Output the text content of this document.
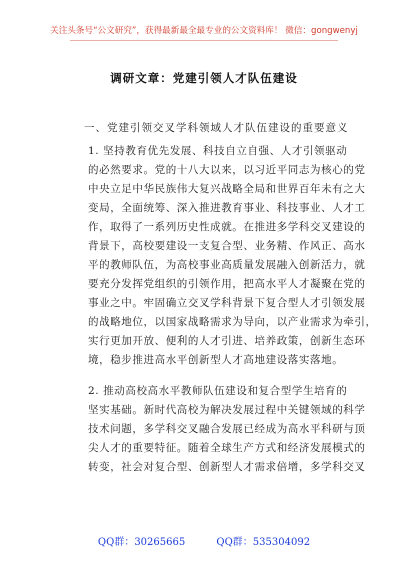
关注头条号“公文研究”，获得最新最全最专业的公文资料库！ 微信：gongwenyj
调研文章：党建引领人才队伍建设
一、党建引领交叉学科领域人才队伍建设的重要意义
1. 坚持教育优先发展、科技自立自强、人才引领驱动
的必然要求。党的十八大以来，以习近平同志为核心的党
中央立足中华民族伟大复兴战略全局和世界百年未有之大
变局，全面统筹、深入推进教育事业、科技事业、人才工
作，取得了一系列历史性成就。在推进多学科交叉建设的
背景下，高校要建设一支复合型、业务精、作风正、高水
平的教师队伍，为高校事业高质量发展融入创新活力，就
要充分发挥党组织的引领作用，把高水平人才凝聚在党的
事业之中。牢固确立交叉学科背景下复合型人才引领发展
的战略地位，以国家战略需求为导向，以产业需求为牵引，
实行更加开放、便利的人才引进、培养政策，创新生态环
境，稳步推进高水平创新型人才高地建设落实落地。
2. 推动高校高水平教师队伍建设和复合型学生培育的
坚实基础。新时代高校为解决发展过程中关键领域的科学
技术问题，多学科交叉融合发展已经成为高水平科研与顶
尖人才的重要特征。随着全球生产方式和经济发展模式的
转变，社会对复合型、创新型人才需求倍增，多学科交叉
QQ群：30265665	QQ群：535304092
